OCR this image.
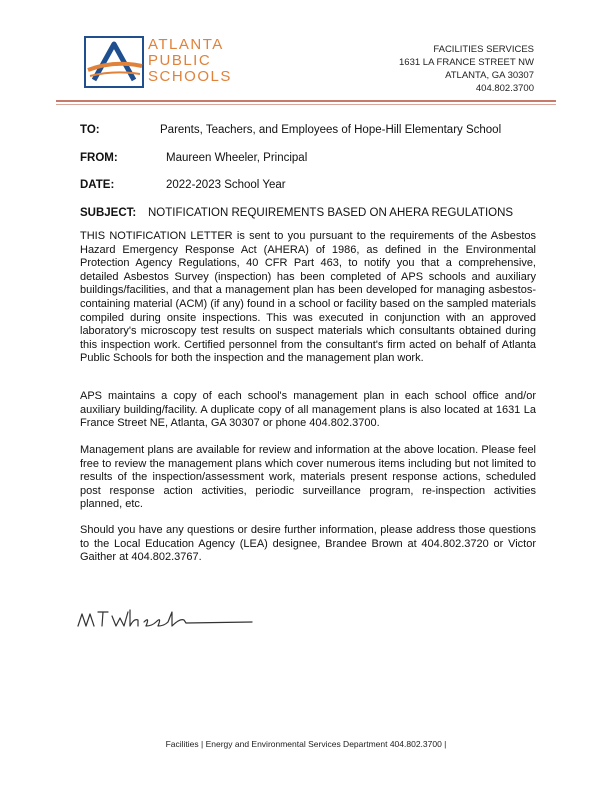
ATLANTA
PUBLIC
SCHOOLS
FACILITIES SERVICES
1631 LA FRANCE STREET NW
ATLANTA, GA 30307
404.802.3700
TO:	Parents, Teachers, and Employees of Hope-Hill Elementary School
FROM:	Maureen Wheeler, Principal
DATE:	2022-2023 School Year
SUBJECT: NOTIFICATION REQUIREMENTS BASED ON AHERA REGULATIONS
THIS NOTIFICATION LETTER is sent to you pursuant to the requirements of the Asbestos Hazard Emergency Response Act (AHERA) of 1986, as defined in the Environmental Protection Agency Regulations, 40 CFR Part 463, to notify you that a comprehensive, detailed Asbestos Survey (inspection) has been completed of APS schools and auxiliary buildings/facilities, and that a management plan has been developed for managing asbestos-containing material (ACM) (if any) found in a school or facility based on the sampled materials compiled during onsite inspections. This was executed in conjunction with an approved laboratory's microscopy test results on suspect materials which consultants obtained during this inspection work. Certified personnel from the consultant's firm acted on behalf of Atlanta Public Schools for both the inspection and the management plan work.
APS maintains a copy of each school's management plan in each school office and/or auxiliary building/facility. A duplicate copy of all management plans is also located at 1631 La France Street NE, Atlanta, GA 30307 or phone 404.802.3700.
Management plans are available for review and information at the above location. Please feel free to review the management plans which cover numerous items including but not limited to results of the inspection/assessment work, materials present response actions, scheduled post response action activities, periodic surveillance program, re-inspection activities planned, etc.
Should you have any questions or desire further information, please address those questions to the Local Education Agency (LEA) designee, Brandee Brown at 404.802.3720 or Victor Gaither at 404.802.3767.
Facilities | Energy and Environmental Services Department 404.802.3700 |
